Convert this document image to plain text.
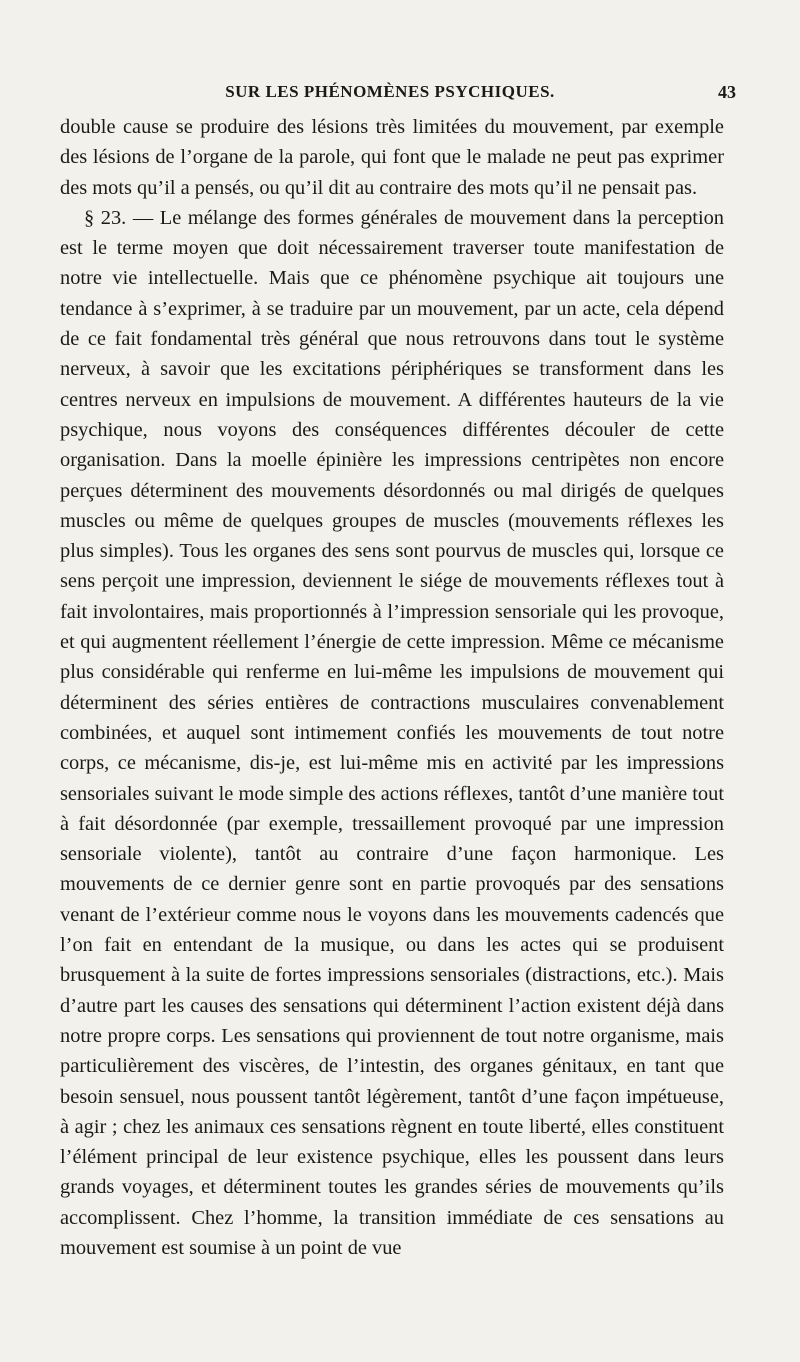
SUR LES PHÉNOMÈNES PSYCHIQUES.	43

double cause se produire des lésions très limitées du mouvement, par exemple des lésions de l’organe de la parole, qui font que le malade ne peut pas exprimer des mots qu’il a pensés, ou qu’il dit au contraire des mots qu’il ne pensait pas.

§ 23. — Le mélange des formes générales de mouvement dans la perception est le terme moyen que doit nécessairement traverser toute manifestation de notre vie intellectuelle. Mais que ce phénomène psychique ait toujours une tendance à s’exprimer, à se traduire par un mouvement, par un acte, cela dépend de ce fait fondamental très général que nous retrouvons dans tout le système nerveux, à savoir que les excitations périphériques se transforment dans les centres nerveux en impulsions de mouvement. A différentes hauteurs de la vie psychique, nous voyons des conséquences différentes découler de cette organisation. Dans la moelle épinière les impressions centripètes non encore perçues déterminent des mouvements désordonnés ou mal dirigés de quelques muscles ou même de quelques groupes de muscles (mouvements réflexes les plus simples). Tous les organes des sens sont pourvus de muscles qui, lorsque ce sens perçoit une impression, deviennent le siége de mouvements réflexes tout à fait involontaires, mais proportionnés à l’impression sensoriale qui les provoque, et qui augmentent réellement l’énergie de cette impression. Même ce mécanisme plus considérable qui renferme en lui-même les impulsions de mouvement qui déterminent des séries entières de contractions musculaires convenablement combinées, et auquel sont intimement confiés les mouvements de tout notre corps, ce mécanisme, dis-je, est lui-même mis en activité par les impressions sensoriales suivant le mode simple des actions réflexes, tantôt d’une manière tout à fait désordonnée (par exemple, tressaillement provoqué par une impression sensoriale violente), tantôt au contraire d’une façon harmonique. Les mouvements de ce dernier genre sont en partie provoqués par des sensations venant de l’extérieur comme nous le voyons dans les mouvements cadencés que l’on fait en entendant de la musique, ou dans les actes qui se produisent brusquement à la suite de fortes impressions sensoriales (distractions, etc.). Mais d’autre part les causes des sensations qui déterminent l’action existent déjà dans notre propre corps. Les sensations qui proviennent de tout notre organisme, mais particulièrement des viscères, de l’intestin, des organes génitaux, en tant que besoin sensuel, nous poussent tantôt légèrement, tantôt d’une façon impétueuse, à agir ; chez les animaux ces sensations règnent en toute liberté, elles constituent l’élément principal de leur existence psychique, elles les poussent dans leurs grands voyages, et déterminent toutes les grandes séries de mouvements qu’ils accomplissent. Chez l’homme, la transition immédiate de ces sensations au mouvement est soumise à un point de vue
